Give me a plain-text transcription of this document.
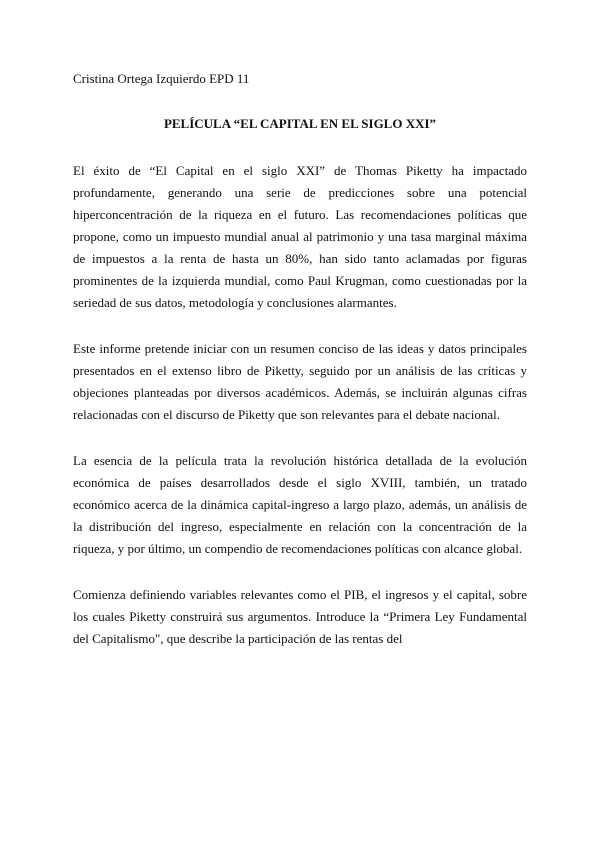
Cristina Ortega Izquierdo EPD 11

PELÍCULA “EL CAPITAL EN EL SIGLO XXI”

El éxito de “El Capital en el siglo XXI” de Thomas Piketty ha impactado profundamente, generando una serie de predicciones sobre una potencial hiperconcentración de la riqueza en el futuro. Las recomendaciones políticas que propone, como un impuesto mundial anual al patrimonio y una tasa marginal máxima de impuestos a la renta de hasta un 80%, han sido tanto aclamadas por figuras prominentes de la izquierda mundial, como Paul Krugman, como cuestionadas por la seriedad de sus datos, metodología y conclusiones alarmantes.

Este informe pretende iniciar con un resumen conciso de las ideas y datos principales presentados en el extenso libro de Piketty, seguido por un análisis de las críticas y objeciones planteadas por diversos académicos. Además, se incluirán algunas cifras relacionadas con el discurso de Piketty que son relevantes para el debate nacional.

La esencia de la película trata la revolución histórica detallada de la evolución económica de países desarrollados desde el siglo XVIII, también, un tratado económico acerca de la dinámica capital-ingreso a largo plazo, además, un análisis de la distribución del ingreso, especialmente en relación con la concentración de la riqueza, y por último, un compendio de recomendaciones políticas con alcance global.

Comienza definiendo variables relevantes como el PIB, el ingresos y el capital, sobre los cuales Piketty construirá sus argumentos. Introduce la “Primera Ley Fundamental del Capitalismo", que describe la participación de las rentas del
